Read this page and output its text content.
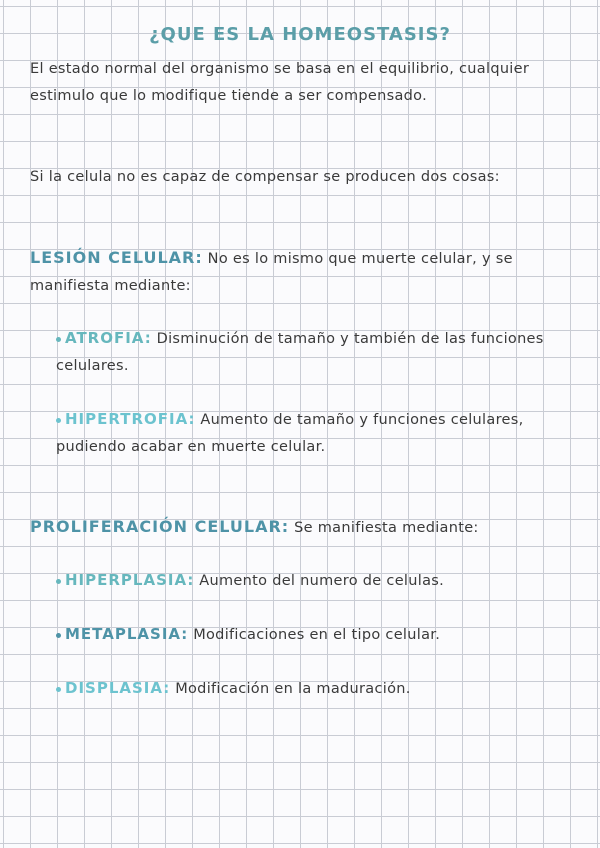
¿QUE ES LA HOMEOSTASIS?
El estado normal del organismo se basa en el equilibrio, cualquier estimulo que lo modifique tiende a ser compensado.
Si la celula no es capaz de compensar se producen dos cosas:
LESIÓN CELULAR: No es lo mismo que muerte celular, y se manifiesta mediante:
ATROFIA: Disminución de tamaño y también de las funciones celulares.
HIPERTROFIA: Aumento de tamaño y funciones celulares, pudiendo acabar en muerte celular.
PROLIFERACIÓN CELULAR: Se manifiesta mediante:
HIPERPLASIA: Aumento del numero de celulas.
METAPLASIA: Modificaciones en el tipo celular.
DISPLASIA: Modificación en la maduración.
